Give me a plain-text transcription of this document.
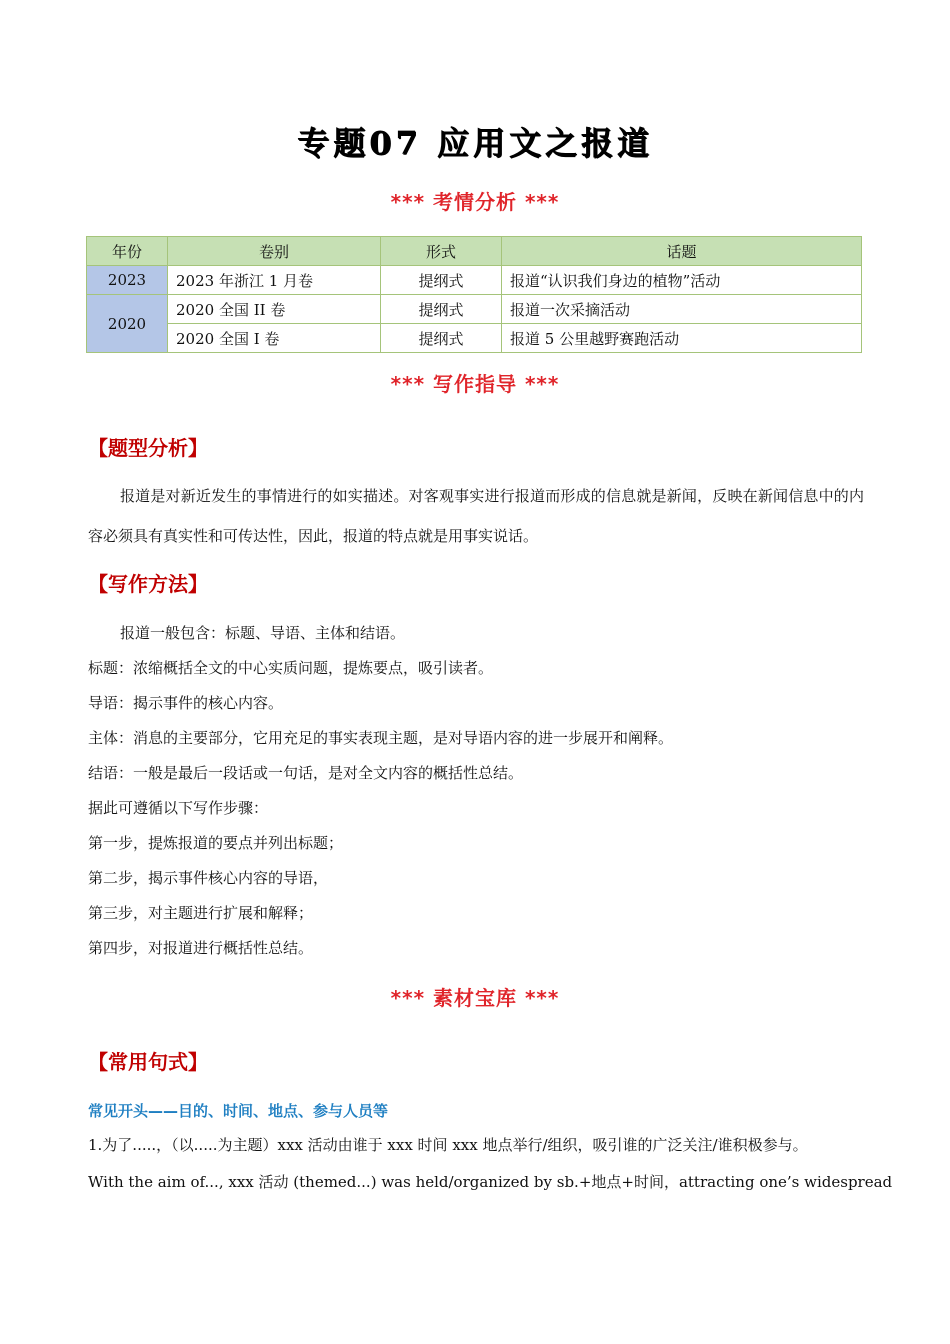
专题07 应用文之报道
*** 考情分析 ***
年份	卷别	形式	话题
2023	2023 年浙江 1 月卷	提纲式	报道“认识我们身边的植物”活动
2020	2020 全国 II 卷	提纲式	报道一次采摘活动
	2020 全国 I 卷	提纲式	报道 5 公里越野赛跑活动
*** 写作指导 ***
【题型分析】
报道是对新近发生的事情进行的如实描述。对客观事实进行报道而形成的信息就是新闻，反映在新闻信息中的内容必须具有真实性和可传达性，因此，报道的特点就是用事实说话。
【写作方法】
报道一般包含：标题、导语、主体和结语。
标题：浓缩概括全文的中心实质问题，提炼要点，吸引读者。
导语：揭示事件的核心内容。
主体：消息的主要部分，它用充足的事实表现主题，是对导语内容的进一步展开和阐释。
结语：一般是最后一段话或一句话，是对全文内容的概括性总结。
据此可遵循以下写作步骤：
第一步，提炼报道的要点并列出标题；
第二步，揭示事件核心内容的导语，
第三步，对主题进行扩展和解释；
第四步，对报道进行概括性总结。
*** 素材宝库 ***
【常用句式】
常见开头——目的、时间、地点、参与人员等
1.为了.....，（以.....为主题）xxx 活动由谁于 xxx 时间 xxx 地点举行/组织，吸引谁的广泛关注/谁积极参与。
With the aim of..., xxx 活动 (themed...) was held/organized by sb.+地点+时间，attracting one’s widespread
